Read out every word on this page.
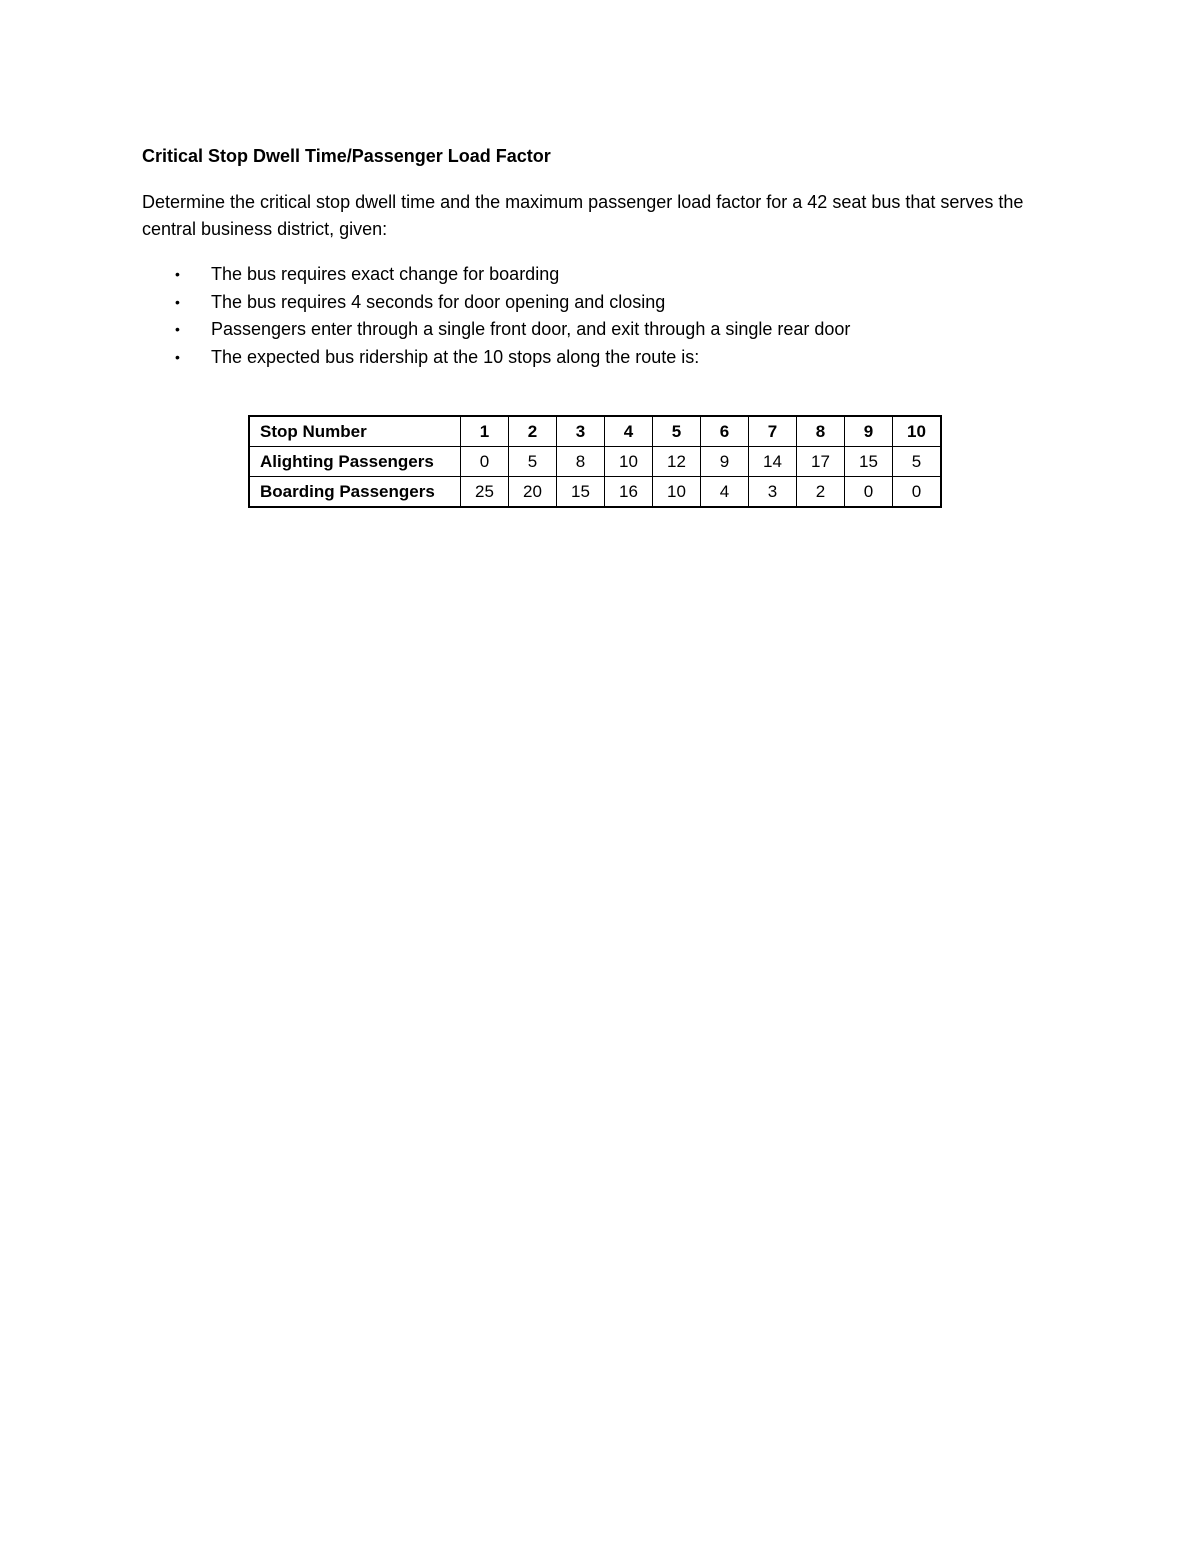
Critical Stop Dwell Time/Passenger Load Factor

Determine the critical stop dwell time and the maximum passenger load factor for a 42 seat bus that serves the central business district, given:

• The bus requires exact change for boarding
• The bus requires 4 seconds for door opening and closing
• Passengers enter through a single front door, and exit through a single rear door
• The expected bus ridership at the 10 stops along the route is:
Stop Number	1	2	3	4	5	6	7	8	9	10
Alighting Passengers	0	5	8	10	12	9	14	17	15	5
Boarding Passengers	25	20	15	16	10	4	3	2	0	0
